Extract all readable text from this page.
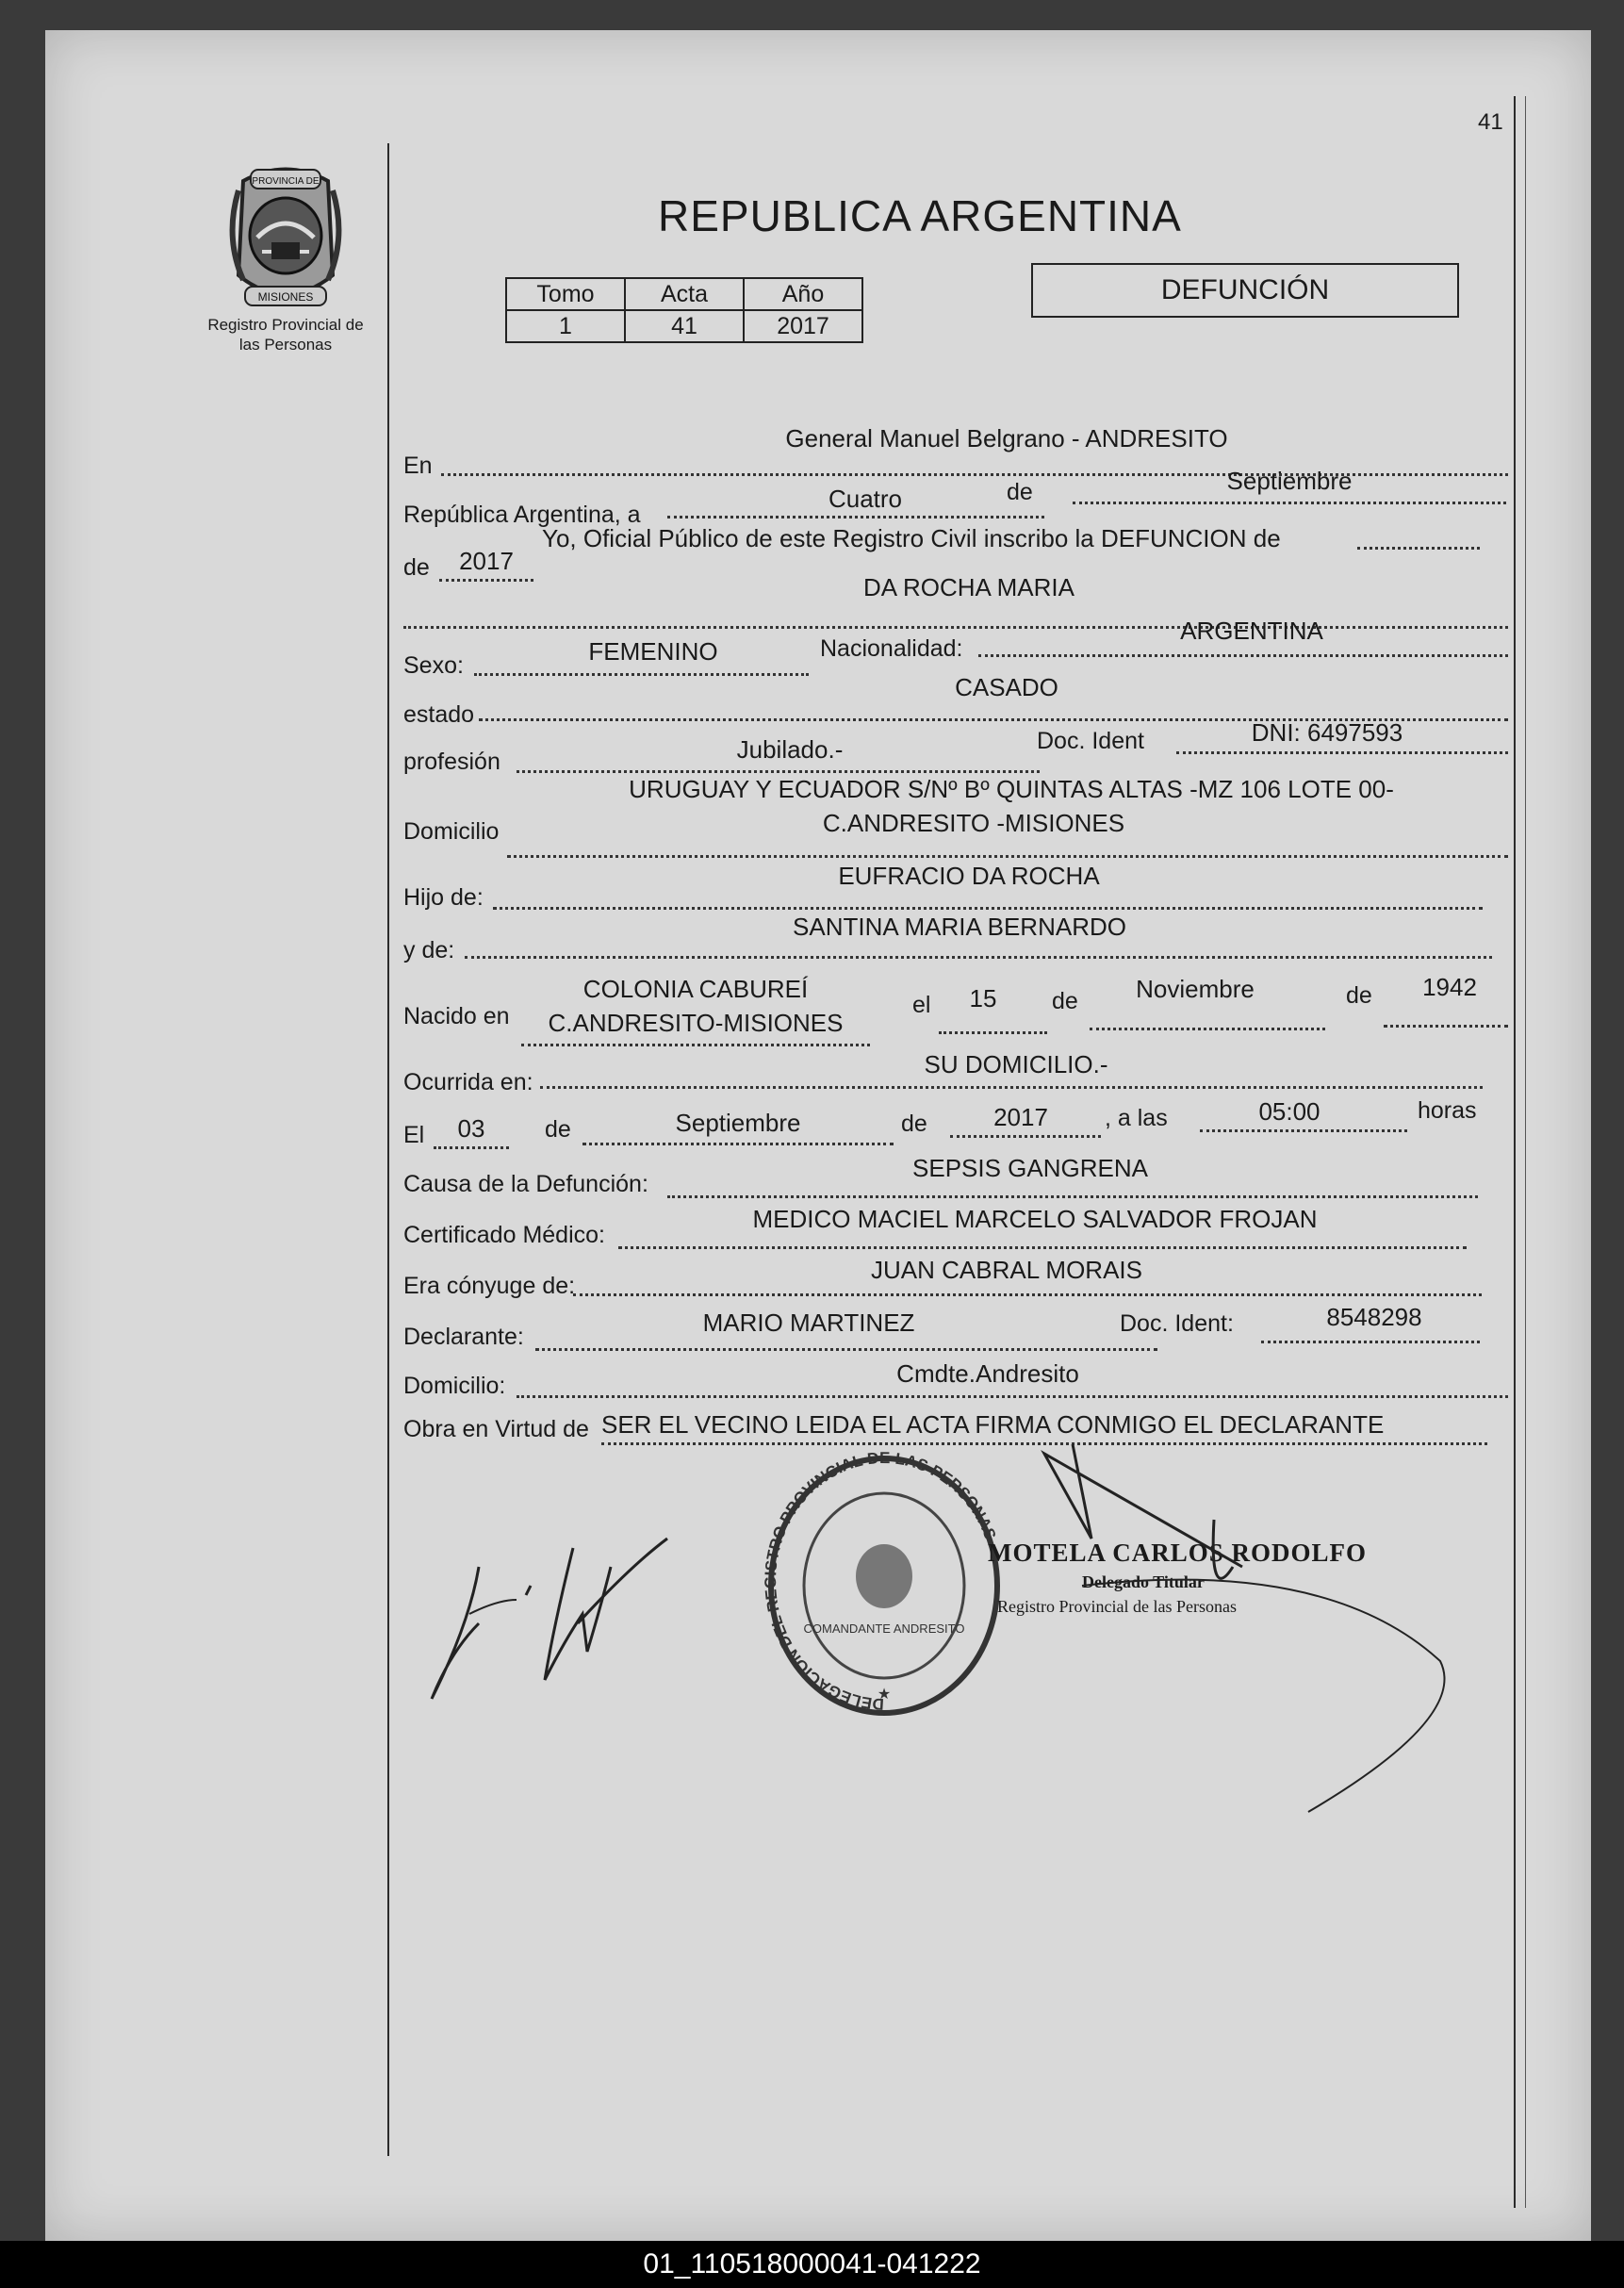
41
PROVINCIA DE
MISIONES
Registro Provincial de
las Personas
REPUBLICA ARGENTINA
Tomo	Acta	Año
1	41	2017
DEFUNCIÓN
En
General Manuel Belgrano - ANDRESITO
República Argentina, a
Cuatro	de	Septiembre
de	2017
Yo, Oficial Público de este Registro Civil inscribo la DEFUNCION de
DA ROCHA MARIA
Sexo:	FEMENINO	Nacionalidad:
ARGENTINA
estado
CASADO
profesión	Jubilado.-	Doc. Ident	DNI: 6497593
Domicilio
URUGUAY Y ECUADOR S/Nº Bº QUINTAS ALTAS -MZ 106 LOTE 00-
C.ANDRESITO -MISIONES
Hijo de:
EUFRACIO DA ROCHA
y de:
SANTINA MARIA BERNARDO
Nacido en
COLONIA CABUREÍ
C.ANDRESITO-MISIONES
el	15	de	Noviembre	de	1942
Ocurrida en:
SU DOMICILIO.-
El	03	de	Septiembre	de	2017	, a las	05:00	horas
Causa de la Defunción:
SEPSIS GANGRENA
Certificado Médico:
MEDICO MACIEL MARCELO SALVADOR FROJAN
Era cónyuge de:
JUAN CABRAL MORAIS
Declarante:	MARIO MARTINEZ	Doc. Ident:	8548298
Domicilio:	Cmdte.Andresito
Obra en Virtud de SER EL VECINO LEIDA EL ACTA FIRMA CONMIGO EL DECLARANTE
DELEGACION DEL REGISTRO PROVINCIAL DE LAS PERSONAS
COMANDANTE ANDRESITO
★
MOTELA CARLOS RODOLFO
Delegado Titular
Registro Provincial de las Personas
01_110518000041-041222
